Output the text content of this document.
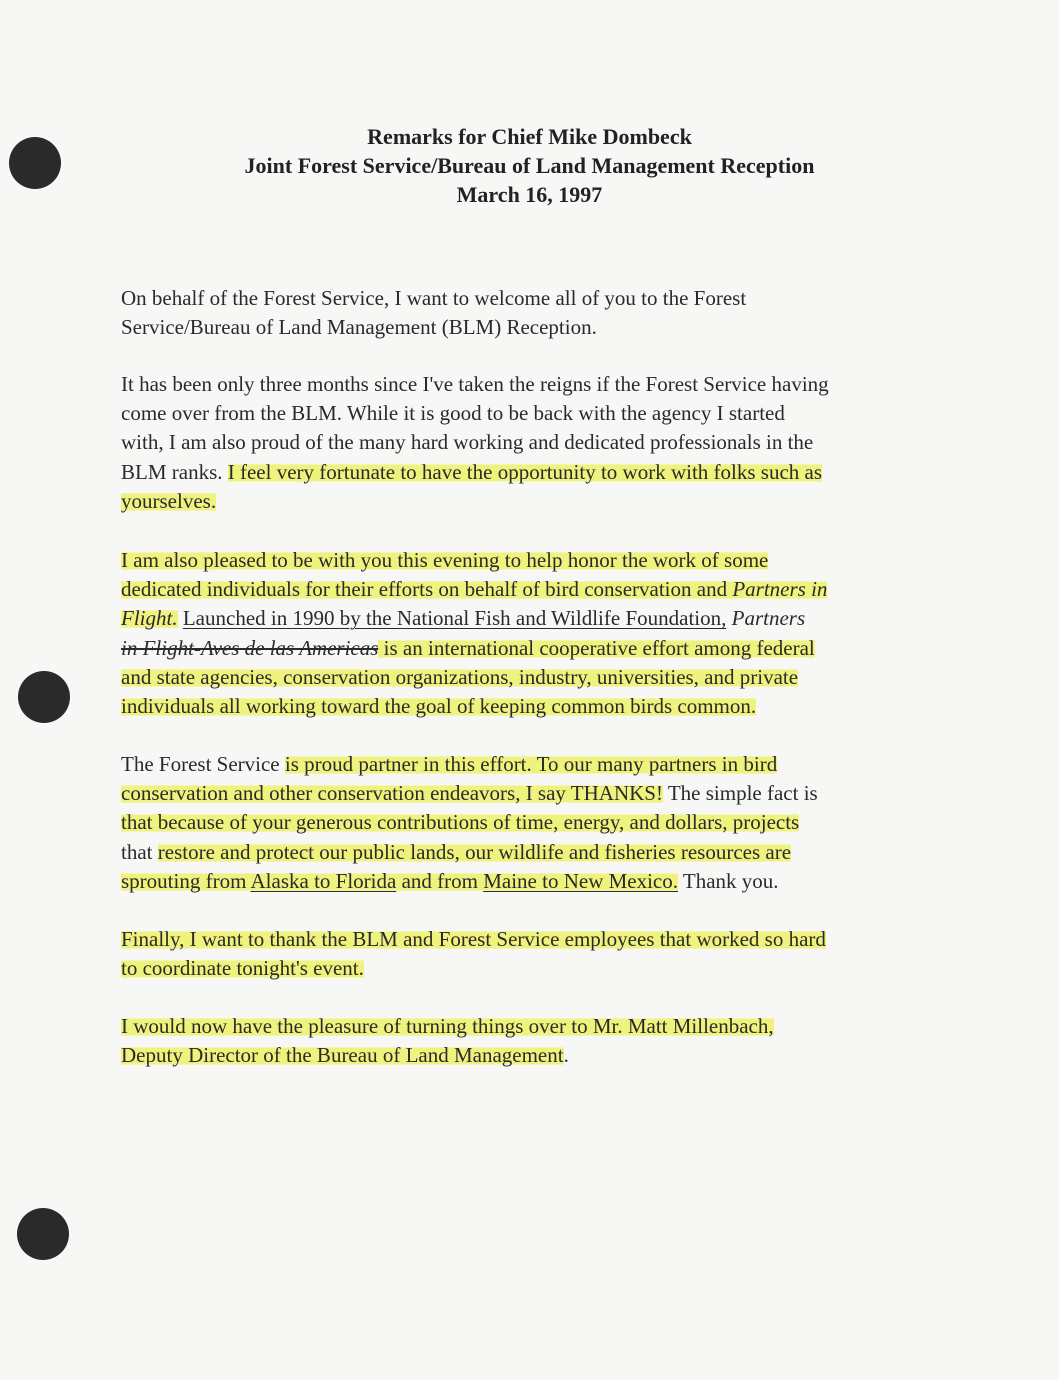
Remarks for Chief Mike Dombeck
Joint Forest Service/Bureau of Land Management Reception
March 16, 1997
On behalf of the Forest Service, I want to welcome all of you to the Forest
Service/Bureau of Land Management (BLM) Reception.
It has been only three months since I've taken the reigns if the Forest Service having
come over from the BLM. While it is good to be back with the agency I started
with, I am also proud of the many hard working and dedicated professionals in the
BLM ranks. I feel very fortunate to have the opportunity to work with folks such as
yourselves.
I am also pleased to be with you this evening to help honor the work of some
dedicated individuals for their efforts on behalf of bird conservation and Partners in
Flight. Launched in 1990 by the National Fish and Wildlife Foundation, Partners
in Flight-Aves de las Americas is an international cooperative effort among federal
and state agencies, conservation organizations, industry, universities, and private
individuals all working toward the goal of keeping common birds common.
The Forest Service is proud partner in this effort. To our many partners in bird
conservation and other conservation endeavors, I say THANKS! The simple fact is
that because of your generous contributions of time, energy, and dollars, projects
that restore and protect our public lands, our wildlife and fisheries resources are
sprouting from Alaska to Florida and from Maine to New Mexico. Thank you.
Finally, I want to thank the BLM and Forest Service employees that worked so hard
to coordinate tonight's event.
I would now have the pleasure of turning things over to Mr. Matt Millenbach,
Deputy Director of the Bureau of Land Management.
